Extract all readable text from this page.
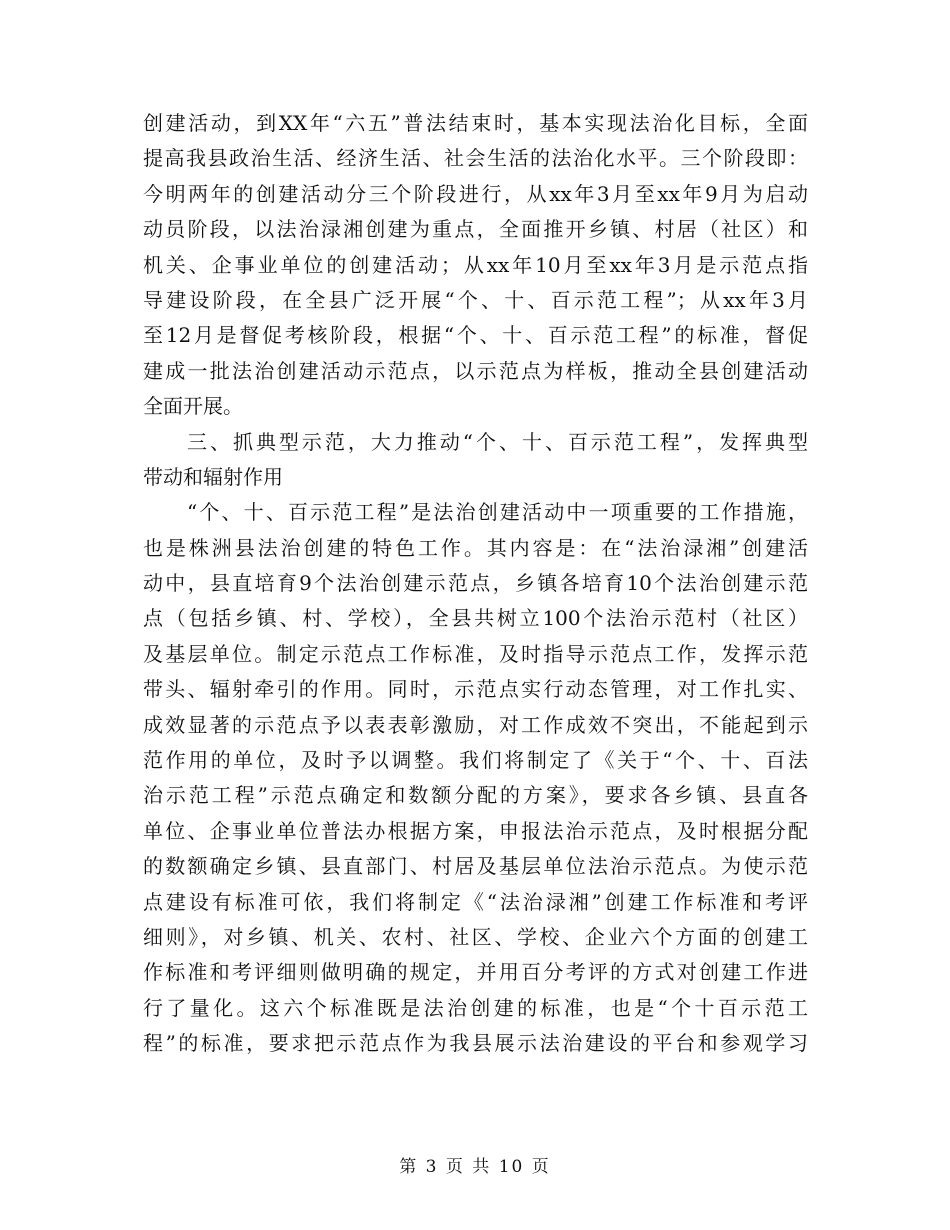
创建活动，到XX年“六五”普法结束时，基本实现法治化目标，全面
提高我县政治生活、经济生活、社会生活的法治化水平。三个阶段即：
今明两年的创建活动分三个阶段进行，从xx年3月至xx年9月为启动
动员阶段，以法治渌湘创建为重点，全面推开乡镇、村居（社区）和
机关、企事业单位的创建活动；从xx年10月至xx年3月是示范点指
导建设阶段，在全县广泛开展“个、十、百示范工程”；从xx年3月
至12月是督促考核阶段，根据“个、十、百示范工程”的标准，督促
建成一批法治创建活动示范点，以示范点为样板，推动全县创建活动
全面开展。
三、抓典型示范，大力推动“个、十、百示范工程”，发挥典型
带动和辐射作用
“个、十、百示范工程”是法治创建活动中一项重要的工作措施，
也是株洲县法治创建的特色工作。其内容是：在“法治渌湘”创建活
动中，县直培育9个法治创建示范点，乡镇各培育10个法治创建示范
点（包括乡镇、村、学校），全县共树立100个法治示范村（社区）
及基层单位。制定示范点工作标准，及时指导示范点工作，发挥示范
带头、辐射牵引的作用。同时，示范点实行动态管理，对工作扎实、
成效显著的示范点予以表表彰激励，对工作成效不突出，不能起到示
范作用的单位，及时予以调整。我们将制定了《关于“个、十、百法
治示范工程”示范点确定和数额分配的方案》，要求各乡镇、县直各
单位、企事业单位普法办根据方案，申报法治示范点，及时根据分配
的数额确定乡镇、县直部门、村居及基层单位法治示范点。为使示范
点建设有标准可依，我们将制定《“法治渌湘”创建工作标准和考评
细则》，对乡镇、机关、农村、社区、学校、企业六个方面的创建工
作标准和考评细则做明确的规定，并用百分考评的方式对创建工作进
行了量化。这六个标准既是法治创建的标准，也是“个十百示范工
程”的标准，要求把示范点作为我县展示法治建设的平台和参观学习
第 3 页 共 10 页
